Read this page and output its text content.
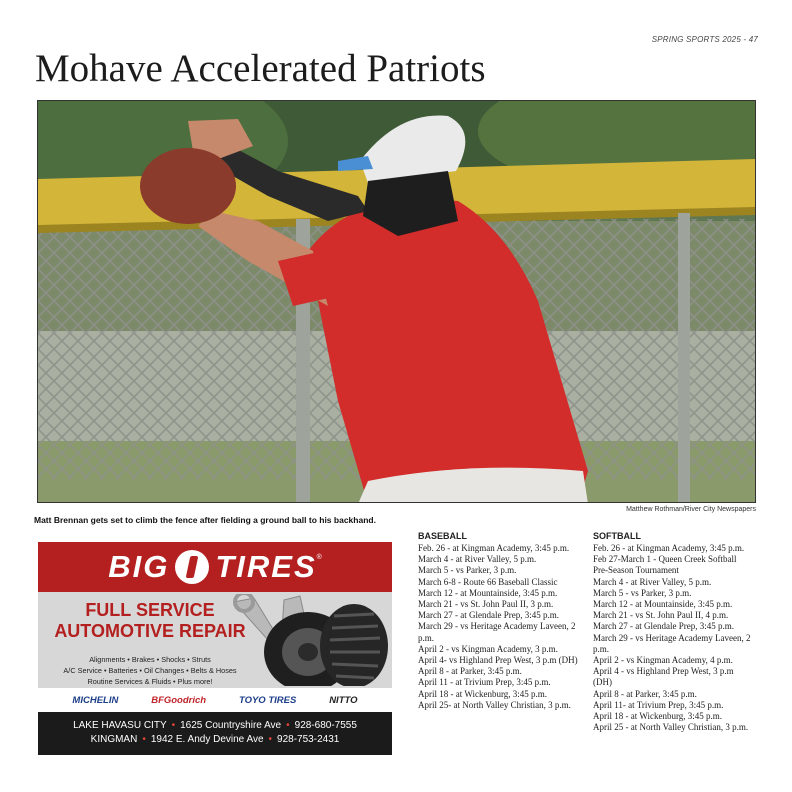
SPRING SPORTS 2025 - 47
Mohave Accelerated Patriots
Matthew Rothman/River City Newspapers
Matt Brennan gets set to climb the fence after fielding a ground ball to his backhand.
BIG TIRES ®
FULL SERVICE
AUTOMOTIVE REPAIR
Alignments • Brakes • Shocks • Struts
A/C Service • Batteries • Oil Changes • Belts & Hoses
Routine Services & Fluids • Plus more!
MICHELIN	BFGoodrich	TOYO TIRES	NITTO
LAKE HAVASU CITY • 1625 Countryshire Ave • 928-680-7555
KINGMAN • 1942 E. Andy Devine Ave • 928-753-2431
BASEBALL
Feb. 26 - at Kingman Academy, 3:45 p.m.
March 4 - at River Valley, 5 p.m.
March 5 - vs Parker, 3 p.m.
March 6-8 - Route 66 Baseball Classic
March 12 - at Mountainside, 3:45 p.m.
March 21 - vs St. John Paul II, 3 p.m.
March 27 - at Glendale Prep, 3:45 p.m.
March 29 - vs Heritage Academy Laveen, 2 p.m.
April 2 - vs Kingman Academy, 3 p.m.
April 4- vs Highland Prep West, 3 p.m (DH)
April 8 - at Parker, 3:45 p.m.
April 11 - at Trivium Prep, 3:45 p.m.
April 18 - at Wickenburg, 3:45 p.m.
April 25- at North Valley Christian, 3 p.m.
SOFTBALL
Feb. 26 - at Kingman Academy, 3:45 p.m.
Feb 27-March 1 - Queen Creek Softball Pre-Season Tournament
March 4 - at River Valley, 5 p.m.
March 5 - vs Parker, 3 p.m.
March 12 - at Mountainside, 3:45 p.m.
March 21 - vs St. John Paul II, 4 p.m.
March 27 - at Glendale Prep, 3:45 p.m.
March 29 - vs Heritage Academy Laveen, 2 p.m.
April 2 - vs Kingman Academy, 4 p.m.
April 4 - vs Highland Prep West, 3 p.m (DH)
April 8 - at Parker, 3:45 p.m.
April 11- at Trivium Prep, 3:45 p.m.
April 18 - at Wickenburg, 3:45 p.m.
April 25 - at North Valley Christian, 3 p.m.
